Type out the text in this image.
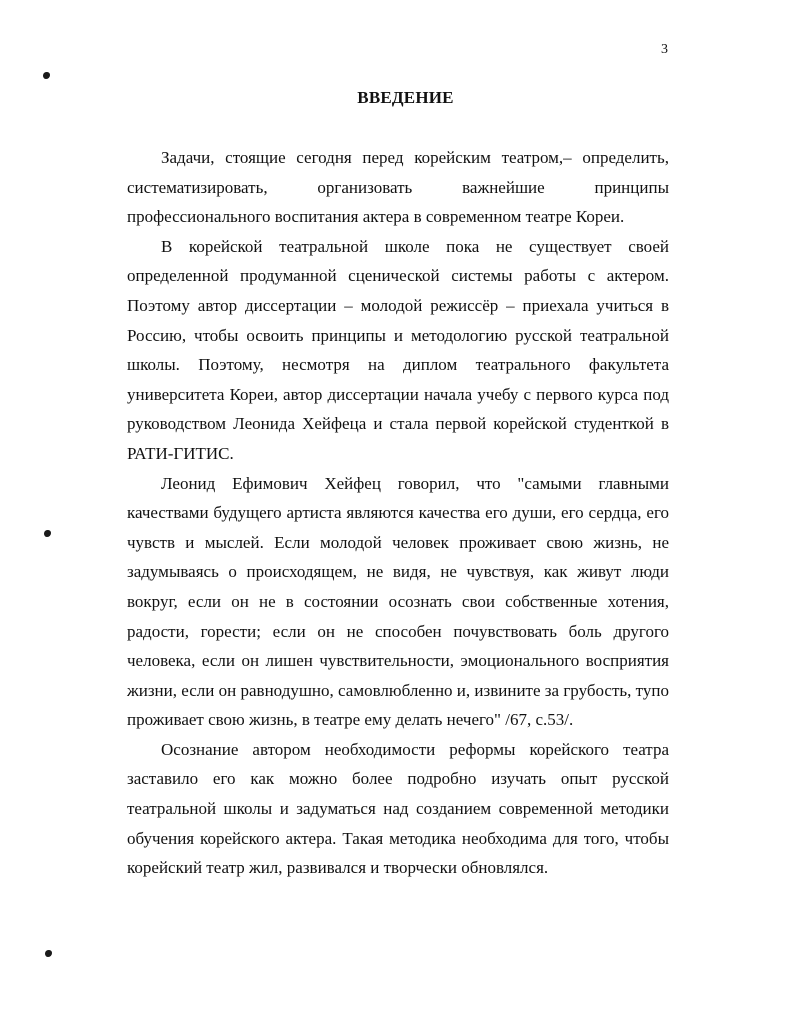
3
ВВЕДЕНИЕ

Задачи, стоящие сегодня перед корейским театром,– определить, систематизировать, организовать важнейшие принципы профессионального воспитания актера в современном театре Кореи.

В корейской театральной школе пока не существует своей определенной продуманной сценической системы работы с актером. Поэтому автор диссертации – молодой режиссёр – приехала учиться в Россию, чтобы освоить принципы и методологию русской театральной школы. Поэтому, несмотря на диплом театрального факультета университета Кореи, автор диссертации начала учебу с первого курса под руководством Леонида Хейфеца и стала первой корейской студенткой в РАТИ-ГИТИС.

Леонид Ефимович Хейфец говорил, что "самыми главными качествами будущего артиста являются качества его души, его сердца, его чувств и мыслей. Если молодой человек проживает свою жизнь, не задумываясь о происходящем, не видя, не чувствуя, как живут люди вокруг, если он не в состоянии осознать свои собственные хотения, радости, горести; если он не способен почувствовать боль другого человека, если он лишен чувствительности, эмоционального восприятия жизни, если он равнодушно, самовлюбленно и, извините за грубость, тупо проживает свою жизнь, в театре ему делать нечего" /67, с.53/.

Осознание автором необходимости реформы корейского театра заставило его как можно более подробно изучать опыт русской театральной школы и задуматься над созданием современной методики обучения корейского актера. Такая методика необходима для того, чтобы корейский театр жил, развивался и творчески обновлялся.
